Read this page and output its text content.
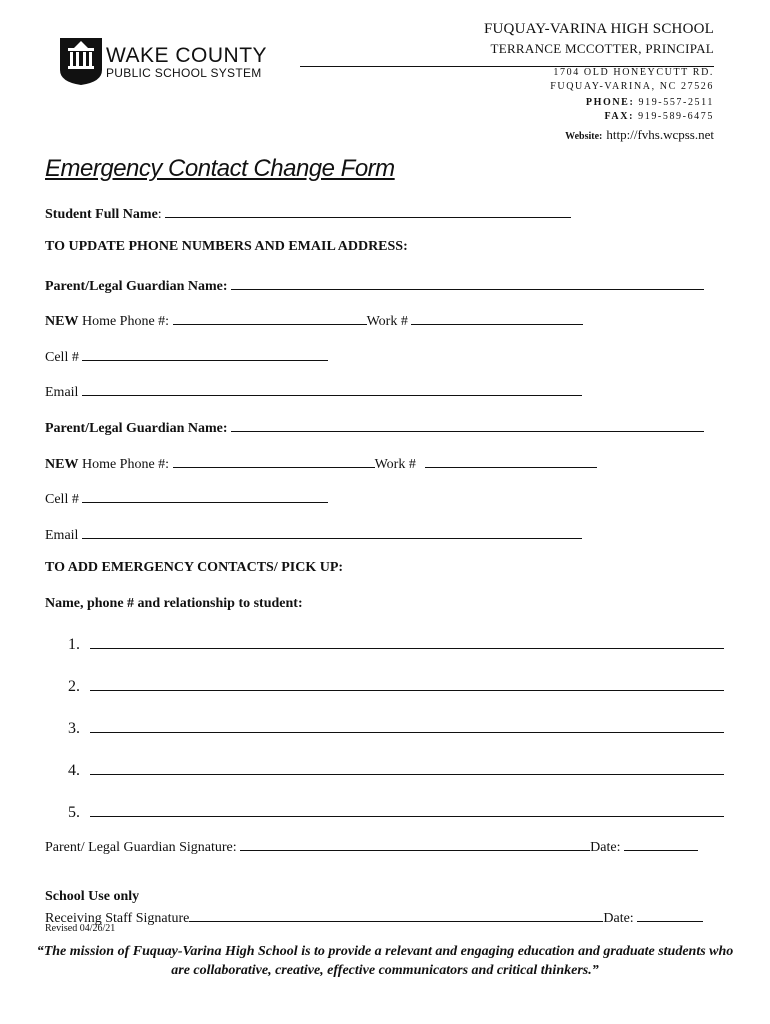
WAKE COUNTY
PUBLIC SCHOOL SYSTEM
FUQUAY-VARINA HIGH SCHOOL
TERRANCE MCCOTTER, PRINCIPAL
1704 OLD HONEYCUTT RD.
FUQUAY-VARINA, NC 27526
PHONE: 919-557-2511
FAX: 919-589-6475
Website: http://fvhs.wcpss.net
Emergency Contact Change Form
Student Full Name:
TO UPDATE PHONE NUMBERS AND EMAIL ADDRESS:
Parent/Legal Guardian Name:
NEW Home Phone #:	Work #
Cell #
Email
Parent/Legal Guardian Name:
NEW Home Phone #:	Work #
Cell #
Email
TO ADD EMERGENCY CONTACTS/ PICK UP:
Name, phone # and relationship to student:
1.
2.
3.
4.
5.
Parent/ Legal Guardian Signature:	Date:
School Use only
Receiving Staff Signature	Date:
Revised 04/26/21
“The mission of Fuquay-Varina High School is to provide a relevant and engaging education and graduate students who are collaborative, creative, effective communicators and critical thinkers.”
